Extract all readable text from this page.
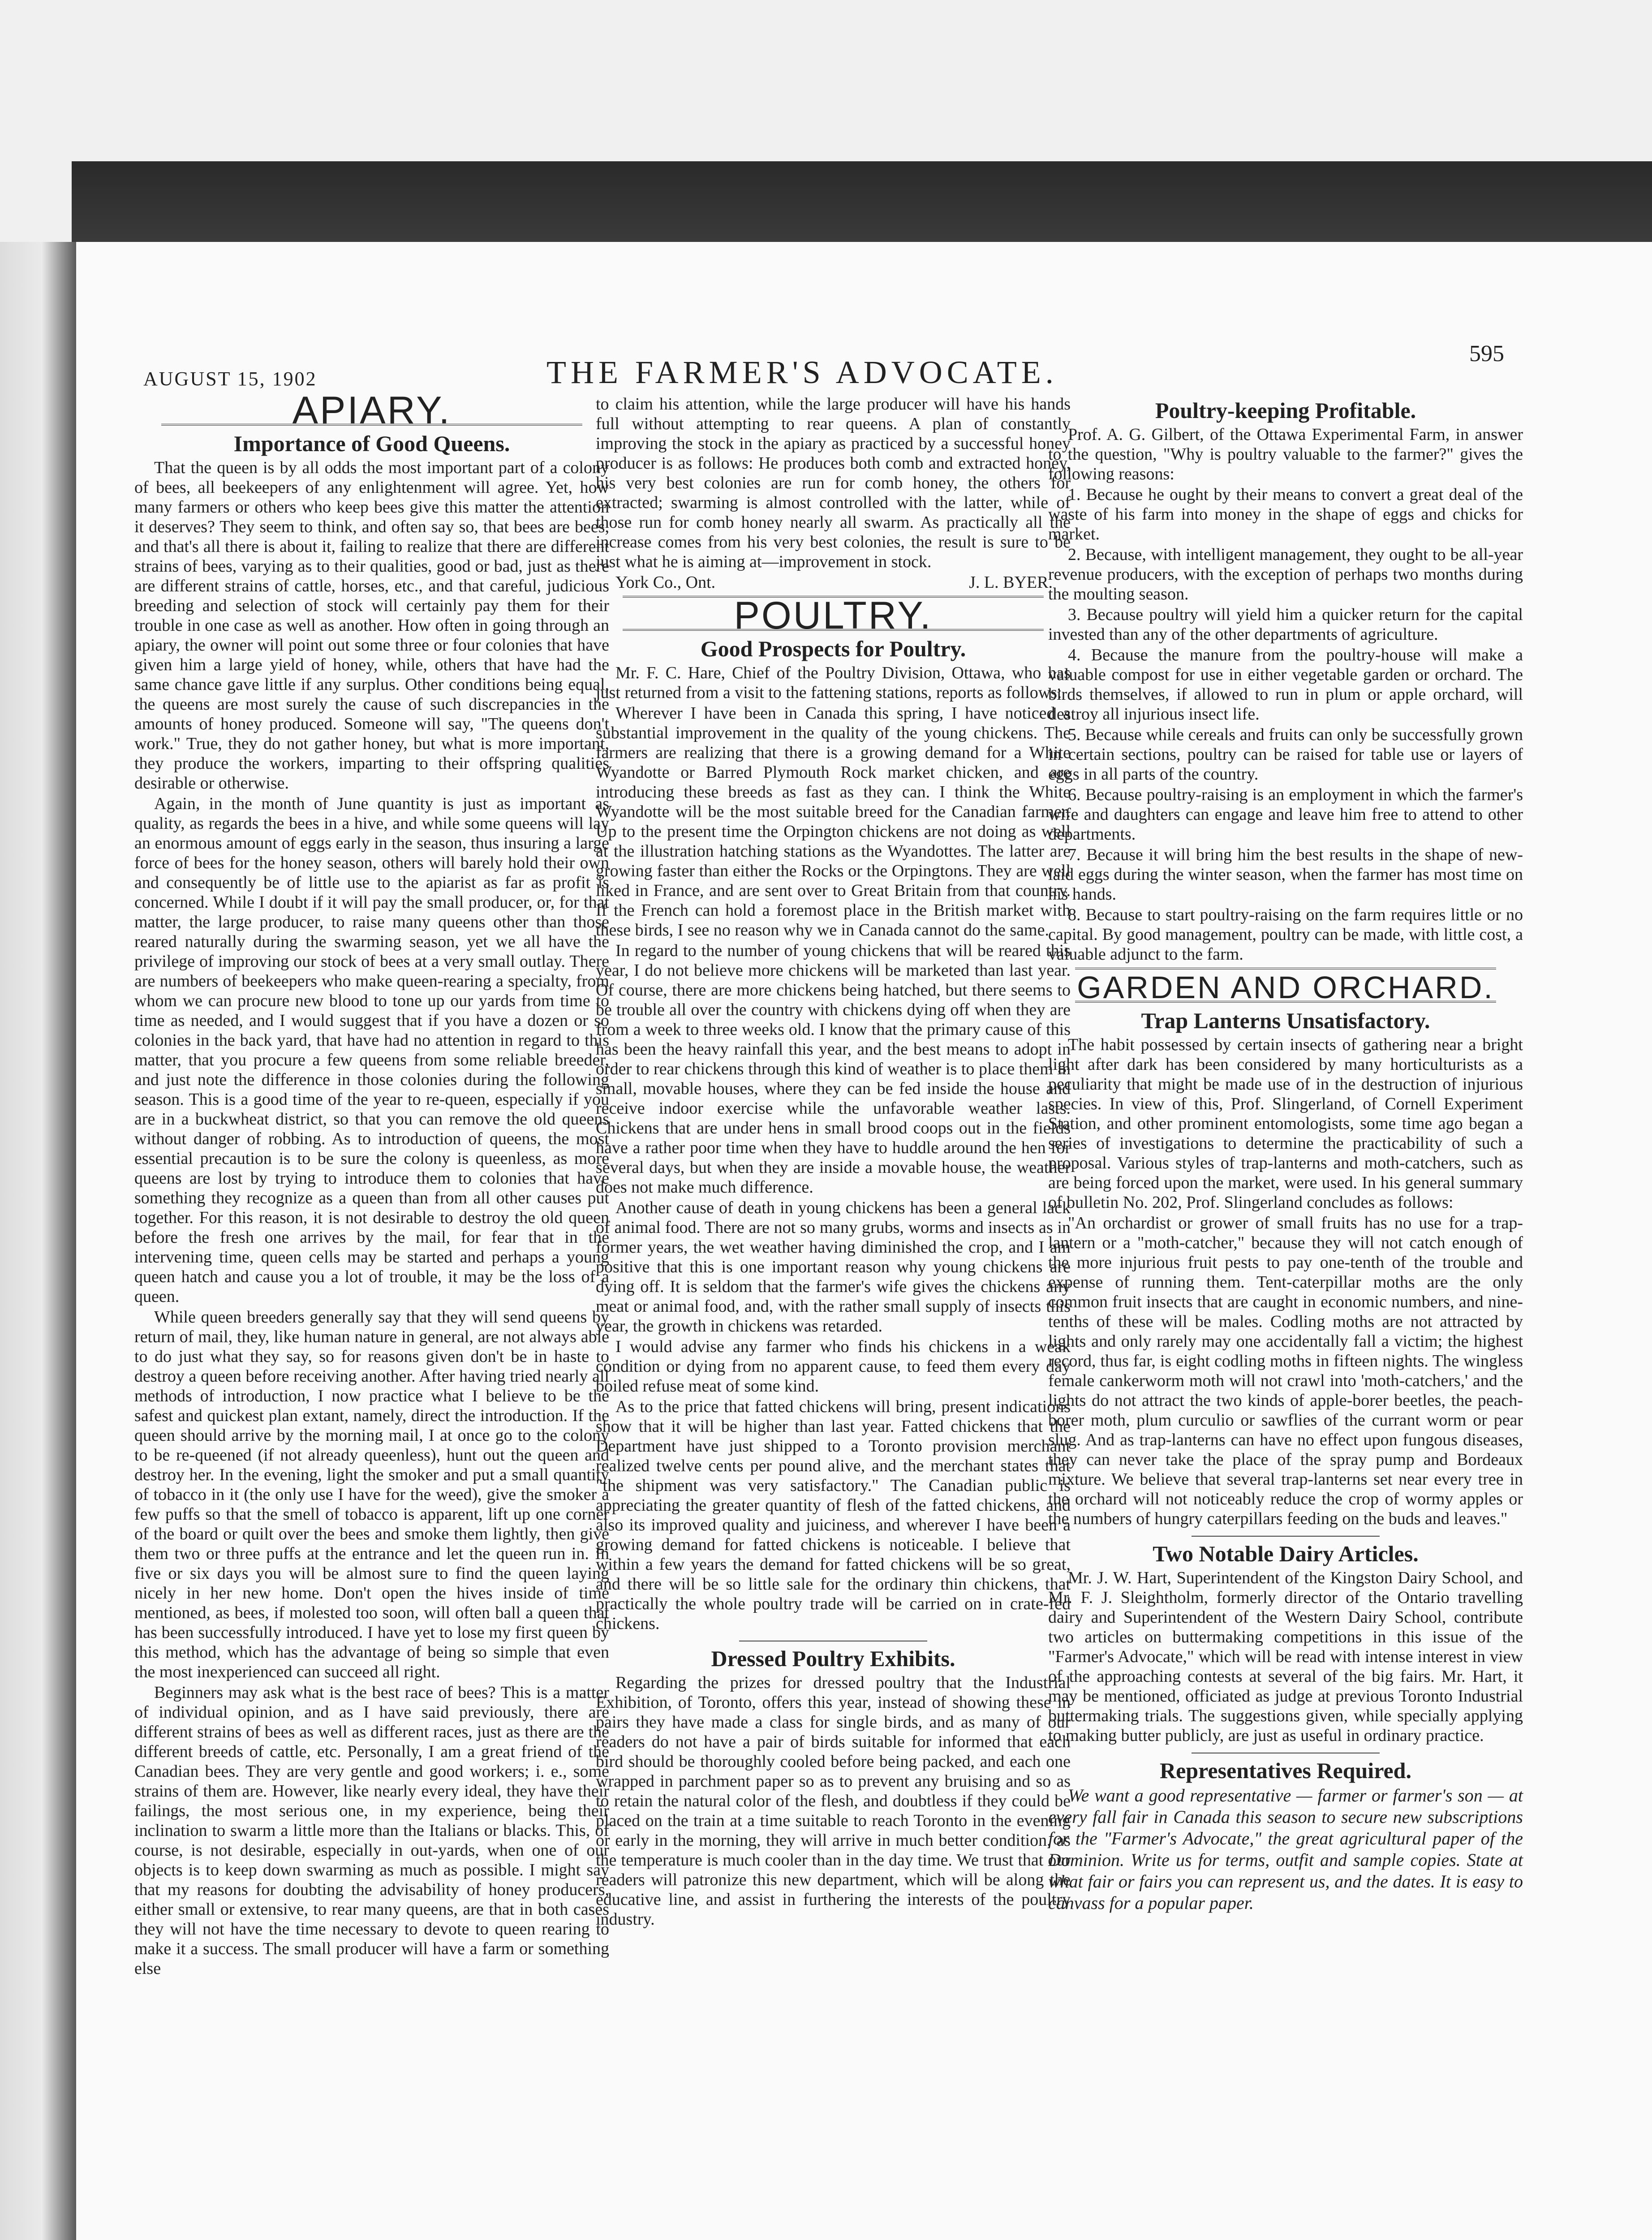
AUGUST 15, 1902	THE FARMER'S ADVOCATE.
595
APIARY.
Importance of Good Queens.

That the queen is by all odds the most important part of a colony of bees, all beekeepers of any enlightenment will agree. Yet, how many farmers or others who keep bees give this matter the attention it deserves? They seem to think, and often say so, that bees are bees, and that's all there is about it, failing to realize that there are different strains of bees, varying as to their qualities, good or bad, just as there are different strains of cattle, horses, etc., and that careful, judicious breeding and selection of stock will certainly pay them for their trouble in one case as well as another. How often in going through an apiary, the owner will point out some three or four colonies that have given him a large yield of honey, while, others that have had the same chance gave little if any surplus. Other conditions being equal, the queens are most surely the cause of such discrepancies in the amounts of honey produced. Someone will say, "The queens don't work." True, they do not gather honey, but what is more important, they produce the workers, imparting to their offspring qualities desirable or otherwise.

Again, in the month of June quantity is just as important as quality, as regards the bees in a hive, and while some queens will lay an enormous amount of eggs early in the season, thus insuring a large force of bees for the honey season, others will barely hold their own and consequently be of little use to the apiarist as far as profit is concerned. While I doubt if it will pay the small producer, or, for that matter, the large producer, to raise many queens other than those reared naturally during the swarming season, yet we all have the privilege of improving our stock of bees at a very small outlay. There are numbers of beekeepers who make queen-rearing a specialty, from whom we can procure new blood to tone up our yards from time to time as needed, and I would suggest that if you have a dozen or so colonies in the back yard, that have had no attention in regard to this matter, that you procure a few queens from some reliable breeder, and just note the difference in those colonies during the following season. This is a good time of the year to re-queen, especially if you are in a buckwheat district, so that you can remove the old queens without danger of robbing. As to introduction of queens, the most essential precaution is to be sure the colony is queenless, as more queens are lost by trying to introduce them to colonies that have something they recognize as a queen than from all other causes put together. For this reason, it is not desirable to destroy the old queen before the fresh one arrives by the mail, for fear that in the intervening time, queen cells may be started and perhaps a young queen hatch and cause you a lot of trouble, it may be the loss of a queen.

While queen breeders generally say that they will send queens by return of mail, they, like human nature in general, are not always able to do just what they say, so for reasons given don't be in haste to destroy a queen before receiving another. After having tried nearly all methods of introduction, I now practice what I believe to be the safest and quickest plan extant, namely, direct the introduction. If the queen should arrive by the morning mail, I at once go to the colony to be re-queened (if not already queenless), hunt out the queen and destroy her. In the evening, light the smoker and put a small quantity of tobacco in it (the only use I have for the weed), give the smoker a few puffs so that the smell of tobacco is apparent, lift up one corner of the board or quilt over the bees and smoke them lightly, then give them two or three puffs at the entrance and let the queen run in. In five or six days you will be almost sure to find the queen laying nicely in her new home. Don't open the hives inside of time mentioned, as bees, if molested too soon, will often ball a queen that has been successfully introduced. I have yet to lose my first queen by this method, which has the advantage of being so simple that even the most inexperienced can succeed all right.

Beginners may ask what is the best race of bees? This is a matter of individual opinion, and as I have said previously, there are different strains of bees as well as different races, just as there are the different breeds of cattle, etc. Personally, I am a great friend of the Canadian bees. They are very gentle and good workers; i. e., some strains of them are. However, like nearly every ideal, they have their failings, the most serious one, in my experience, being their inclination to swarm a little more than the Italians or blacks. This, of course, is not desirable, especially in out-yards, when one of our objects is to keep down swarming as much as possible. I might say that my reasons for doubting the advisability of honey producers, either small or extensive, to rear many queens, are that in both cases they will not have the time necessary to devote to queen rearing to make it a success. The small producer will have a farm or something else

to claim his attention, while the large producer will have his hands full without attempting to rear queens. A plan of constantly improving the stock in the apiary as practiced by a successful honey producer is as follows: He produces both comb and extracted honey, his very best colonies are run for comb honey, the others for extracted; swarming is almost controlled with the latter, while of those run for comb honey nearly all swarm. As practically all the increase comes from his very best colonies, the result is sure to be just what he is aiming at—improvement in stock.

York Co., Ont.	J. L. BYER.
POULTRY.
Good Prospects for Poultry.

Mr. F. C. Hare, Chief of the Poultry Division, Ottawa, who has just returned from a visit to the fattening stations, reports as follows:

Wherever I have been in Canada this spring, I have noticed a substantial improvement in the quality of the young chickens. The farmers are realizing that there is a growing demand for a White Wyandotte or Barred Plymouth Rock market chicken, and are introducing these breeds as fast as they can. I think the White Wyandotte will be the most suitable breed for the Canadian farmer. Up to the present time the Orpington chickens are not doing as well at the illustration hatching stations as the Wyandottes. The latter are growing faster than either the Rocks or the Orpingtons. They are well liked in France, and are sent over to Great Britain from that country. If the French can hold a foremost place in the British market with these birds, I see no reason why we in Canada cannot do the same.

In regard to the number of young chickens that will be reared this year, I do not believe more chickens will be marketed than last year. Of course, there are more chickens being hatched, but there seems to be trouble all over the country with chickens dying off when they are from a week to three weeks old. I know that the primary cause of this has been the heavy rainfall this year, and the best means to adopt in order to rear chickens through this kind of weather is to place them in small, movable houses, where they can be fed inside the house and receive indoor exercise while the unfavorable weather lasts. Chickens that are under hens in small brood coops out in the fields have a rather poor time when they have to huddle around the hen for several days, but when they are inside a movable house, the weather does not make much difference.

Another cause of death in young chickens has been a general lack of animal food. There are not so many grubs, worms and insects as in former years, the wet weather having diminished the crop, and I am positive that this is one important reason why young chickens are dying off. It is seldom that the farmer's wife gives the chickens any meat or animal food, and, with the rather small supply of insects this year, the growth in chickens was retarded.

I would advise any farmer who finds his chickens in a weak condition or dying from no apparent cause, to feed them every day boiled refuse meat of some kind.

As to the price that fatted chickens will bring, present indications show that it will be higher than last year. Fatted chickens that the Department have just shipped to a Toronto provision merchant realized twelve cents per pound alive, and the merchant states that "the shipment was very satisfactory." The Canadian public is appreciating the greater quantity of flesh of the fatted chickens, and also its improved quality and juiciness, and wherever I have been a growing demand for fatted chickens is noticeable. I believe that within a few years the demand for fatted chickens will be so great, and there will be so little sale for the ordinary thin chickens, that practically the whole poultry trade will be carried on in crate-fed chickens.

Dressed Poultry Exhibits.

Regarding the prizes for dressed poultry that the Industrial Exhibition, of Toronto, offers this year, instead of showing these in pairs they have made a class for single birds, and as many of our readers do not have a pair of birds suitable for informed that each bird should be thoroughly cooled before being packed, and each one wrapped in parchment paper so as to prevent any bruising and so as to retain the natural color of the flesh, and doubtless if they could be placed on the train at a time suitable to reach Toronto in the evening or early in the morning, they will arrive in much better condition, as the temperature is much cooler than in the day time. We trust that our readers will patronize this new department, which will be along the educative line, and assist in furthering the interests of the poultry industry.

Poultry-keeping Profitable.

Prof. A. G. Gilbert, of the Ottawa Experimental Farm, in answer to the question, "Why is poultry valuable to the farmer?" gives the following reasons:

1. Because he ought by their means to convert a great deal of the waste of his farm into money in the shape of eggs and chicks for market.

2. Because, with intelligent management, they ought to be all-year revenue producers, with the exception of perhaps two months during the moulting season.

3. Because poultry will yield him a quicker return for the capital invested than any of the other departments of agriculture.

4. Because the manure from the poultry-house will make a valuable compost for use in either vegetable garden or orchard. The birds themselves, if allowed to run in plum or apple orchard, will destroy all injurious insect life.

5. Because while cereals and fruits can only be successfully grown in certain sections, poultry can be raised for table use or layers of eggs in all parts of the country.

6. Because poultry-raising is an employment in which the farmer's wife and daughters can engage and leave him free to attend to other departments.

7. Because it will bring him the best results in the shape of new-laid eggs during the winter season, when the farmer has most time on his hands.

8. Because to start poultry-raising on the farm requires little or no capital. By good management, poultry can be made, with little cost, a valuable adjunct to the farm.

GARDEN AND ORCHARD.
Trap Lanterns Unsatisfactory.

The habit possessed by certain insects of gathering near a bright light after dark has been considered by many horticulturists as a peculiarity that might be made use of in the destruction of injurious species. In view of this, Prof. Slingerland, of Cornell Experiment Station, and other prominent entomologists, some time ago began a series of investigations to determine the practicability of such a proposal. Various styles of trap-lanterns and moth-catchers, such as are being forced upon the market, were used. In his general summary of bulletin No. 202, Prof. Slingerland concludes as follows:

"An orchardist or grower of small fruits has no use for a trap-lantern or a "moth-catcher," because they will not catch enough of the more injurious fruit pests to pay one-tenth of the trouble and expense of running them. Tent-caterpillar moths are the only common fruit insects that are caught in economic numbers, and nine-tenths of these will be males. Codling moths are not attracted by lights and only rarely may one accidentally fall a victim; the highest record, thus far, is eight codling moths in fifteen nights. The wingless female cankerworm moth will not crawl into 'moth-catchers,' and the lights do not attract the two kinds of apple-borer beetles, the peach-borer moth, plum curculio or sawflies of the currant worm or pear slug. And as trap-lanterns can have no effect upon fungous diseases, they can never take the place of the spray pump and Bordeaux mixture. We believe that several trap-lanterns set near every tree in the orchard will not noticeably reduce the crop of wormy apples or the numbers of hungry caterpillars feeding on the buds and leaves."

Two Notable Dairy Articles.

Mr. J. W. Hart, Superintendent of the Kingston Dairy School, and Mr. F. J. Sleightholm, formerly director of the Ontario travelling dairy and Superintendent of the Western Dairy School, contribute two articles on buttermaking competitions in this issue of the "Farmer's Advocate," which will be read with intense interest in view of the approaching contests at several of the big fairs. Mr. Hart, it may be mentioned, officiated as judge at previous Toronto Industrial buttermaking trials. The suggestions given, while specially applying to making butter publicly, are just as useful in ordinary practice.

Representatives Required.

We want a good representative — farmer or farmer's son — at every fall fair in Canada this season to secure new subscriptions for the "Farmer's Advocate," the great agricultural paper of the Dominion. Write us for terms, outfit and sample copies. State at what fair or fairs you can represent us, and the dates. It is easy to canvass for a popular paper.
